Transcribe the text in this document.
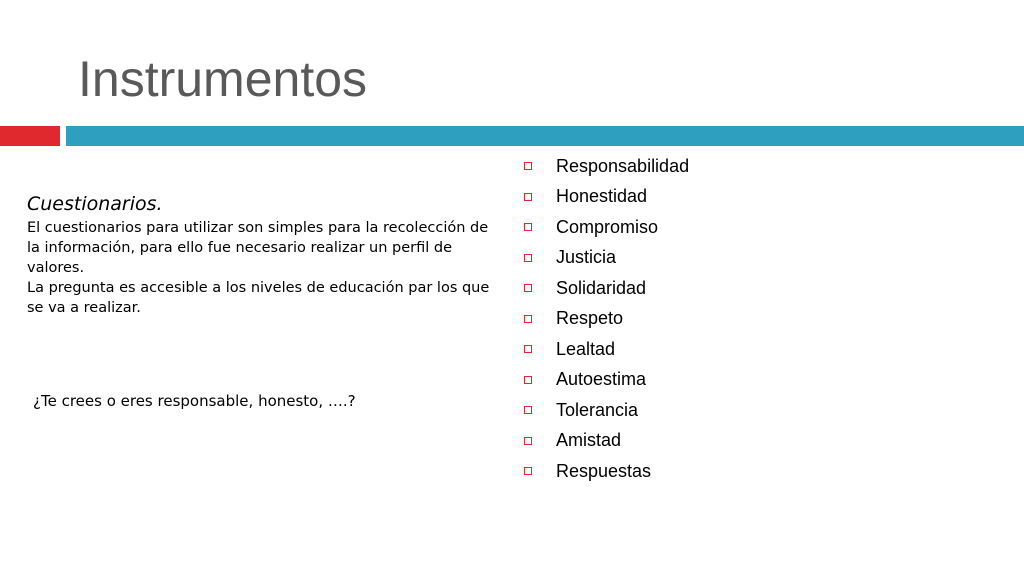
Instrumentos

Cuestionarios.

El cuestionarios para utilizar son simples para la recolección de la información, para ello fue necesario realizar un perfil de valores.

La pregunta es accesible a los niveles de educación par los que se va a realizar.

¿Te crees o eres responsable, honesto, ….?
Responsabilidad
Honestidad
Compromiso
Justicia
Solidaridad
Respeto
Lealtad
Autoestima
Tolerancia
Amistad
Respuestas
